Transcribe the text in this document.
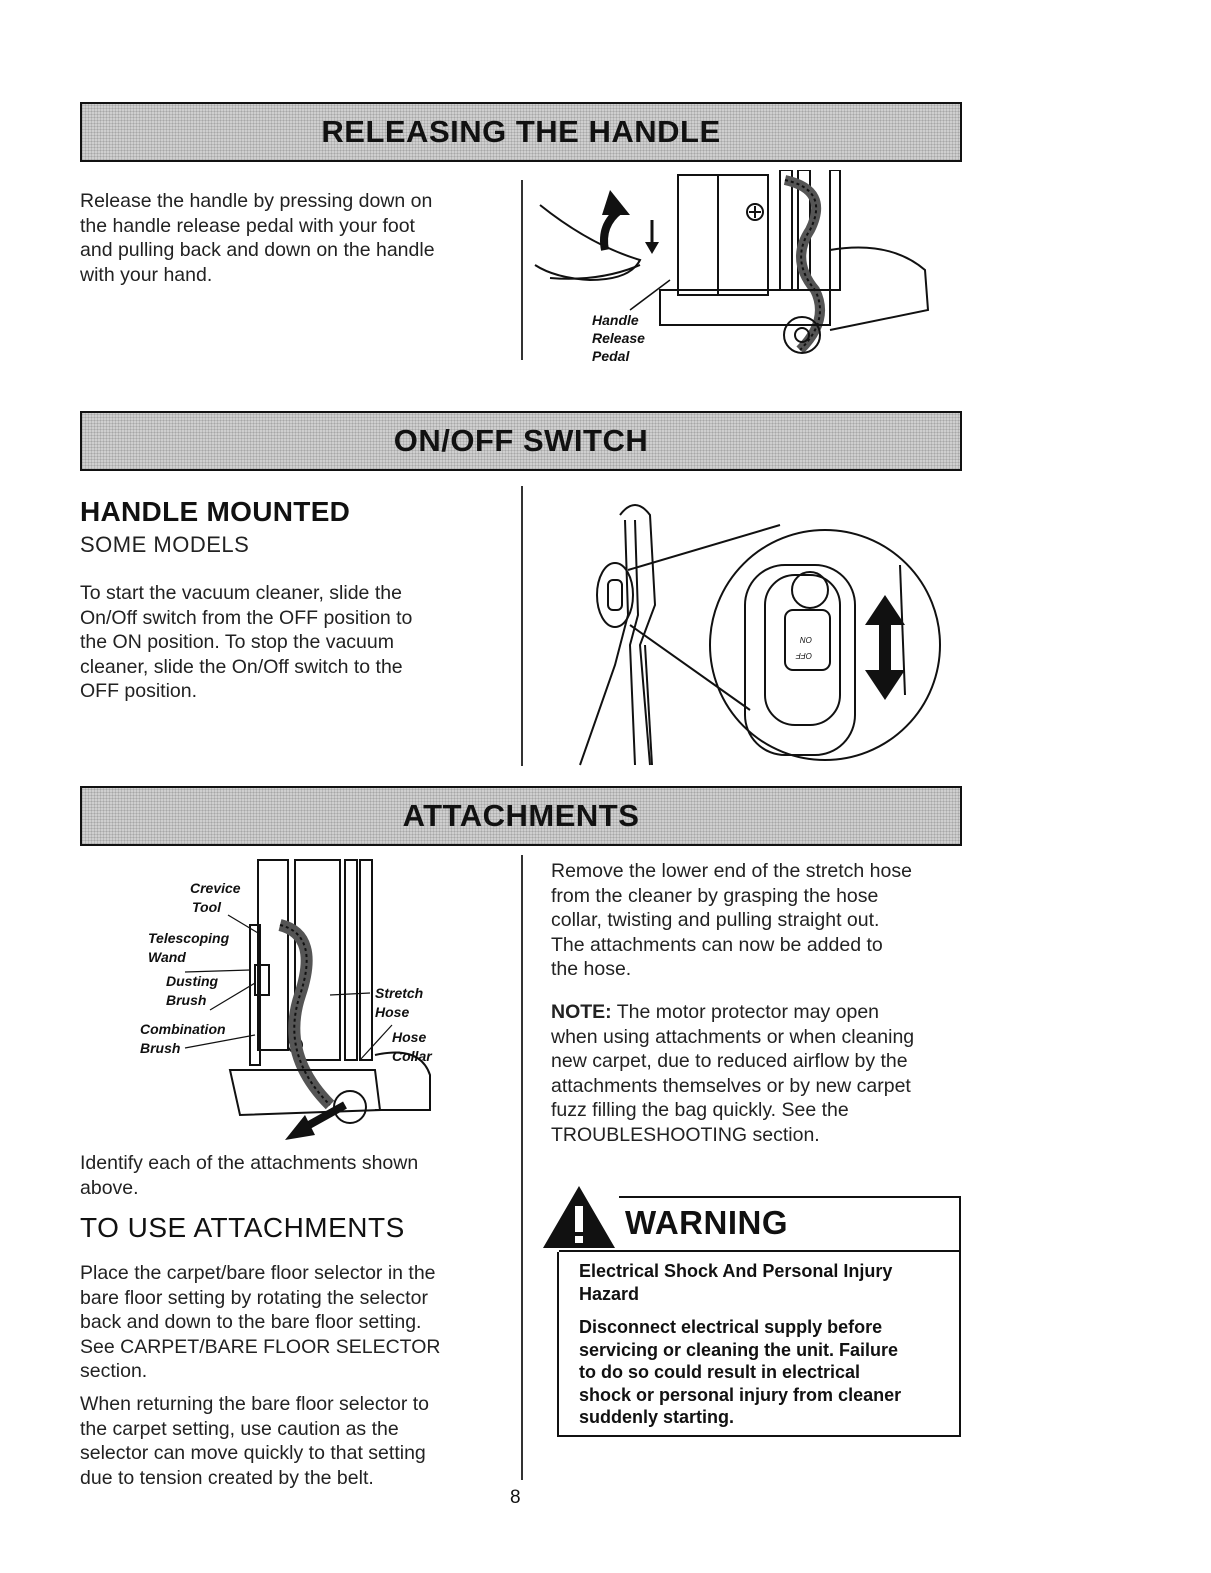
RELEASING THE HANDLE
Release the handle by pressing down on
the handle release pedal with your foot
and pulling back and down on the handle
with your hand.
Handle
Release
Pedal
ON/OFF SWITCH

HANDLE MOUNTED

SOME MODELS

To start the vacuum cleaner, slide the
On/Off switch from the OFF position to
the ON position. To stop the vacuum
cleaner, slide the On/Off switch to the
OFF position.
ON
OFF
ATTACHMENTS
Crevice
Tool
Telescoping
Wand
Dusting
Brush
Combination
Brush
Stretch
Hose
Hose
Collar
Identify each of the attachments shown
above.

TO USE ATTACHMENTS

Place the carpet/bare floor selector in the
bare floor setting by rotating the selector
back and down to the bare floor setting.
See CARPET/BARE FLOOR SELECTOR
section.
When returning the bare floor selector to
the carpet setting, use caution as the
selector can move quickly to that setting
due to tension created by the belt.
Remove the lower end of the stretch hose
from the cleaner by grasping the hose
collar, twisting and pulling straight out.
The attachments can now be added to
the hose.
NOTE: The motor protector may open
when using attachments or when cleaning
new carpet, due to reduced airflow by the
attachments themselves or by new carpet
fuzz filling the bag quickly. See the
TROUBLESHOOTING section.

WARNING

Electrical Shock And Personal Injury
Hazard
Disconnect electrical supply before
servicing or cleaning the unit. Failure
to do so could result in electrical
shock or personal injury from cleaner
suddenly starting.
8
